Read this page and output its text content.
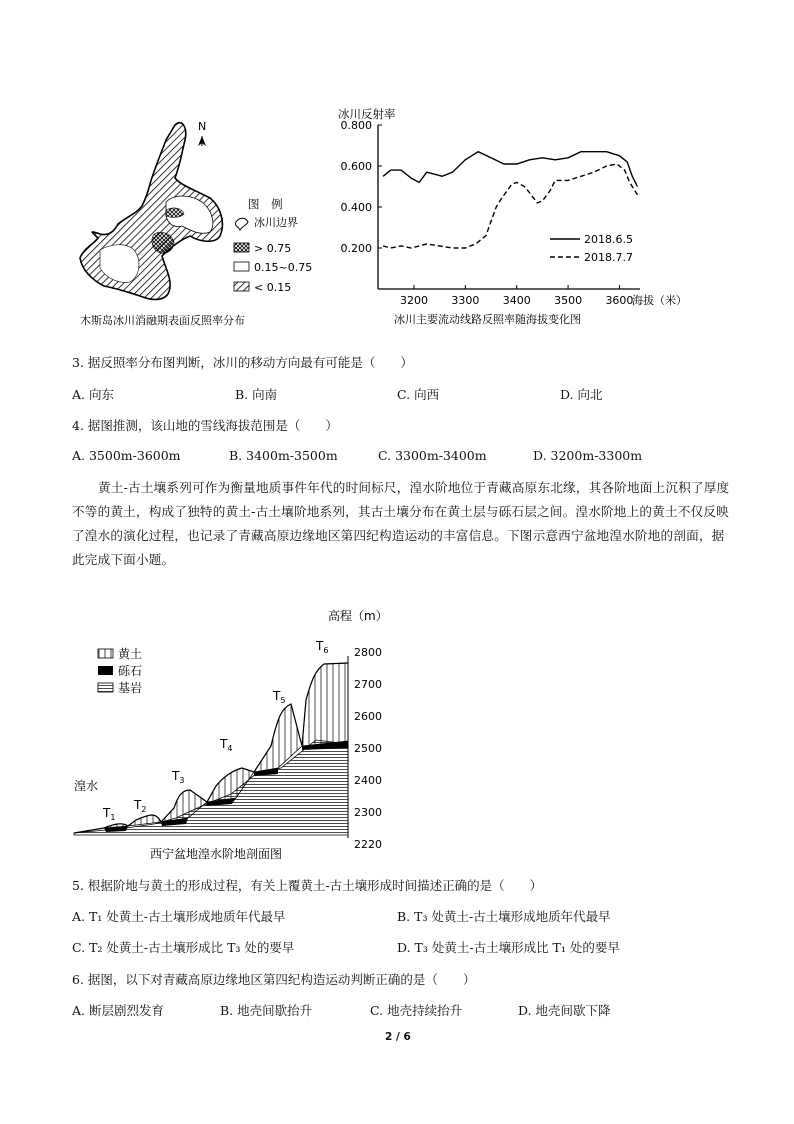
N
图 例
冰川边界
> 0.75
0.15~0.75
< 0.15
木斯岛冰川消融期表面反照率分布
冰川反射率
0.200
0.400
0.600
0.800
3200 3300 3400 3500 3600
2018.6.5
2018.7.7
海拔（米）
冰川主要流动线路反照率随海拔变化图
3. 据反照率分布图判断，冰川的移动方向最有可能是（　　）
A. 向东	B. 向南	C. 向西	D. 向北
4. 据图推测，该山地的雪线海拔范围是（　　）
A. 3500m-3600m	B. 3400m-3500m	C. 3300m-3400m	D. 3200m-3300m
黄土-古土壤系列可作为衡量地质事件年代的时间标尺，湟水阶地位于青藏高原东北缘，其各阶地面上沉积了厚度不等的黄土，构成了独特的黄土-古土壤阶地系列，其古土壤分布在黄土层与砾石层之间。湟水阶地上的黄土不仅反映了湟水的演化过程，也记录了青藏高原边缘地区第四纪构造运动的丰富信息。下图示意西宁盆地湟水阶地的剖面，据此完成下面小题。
高程（m）
2800
2700
2600
2500
2400
2300
2220
黄土
砾石
基岩
湟水
$T_1$
$T_2$
$T_3$
$T_4$
$T_5$
$T_6$
西宁盆地湟水阶地剖面图
5. 根据阶地与黄土的形成过程，有关上覆黄土-古土壤形成时间描述正确的是（　　）
A. T₁ 处黄土-古土壤形成地质年代最早	B. T₃ 处黄土-古土壤形成地质年代最早
C. T₂ 处黄土-古土壤形成比 T₃ 处的要早	D. T₃ 处黄土-古土壤形成比 T₁ 处的要早
6. 据图，以下对青藏高原边缘地区第四纪构造运动判断正确的是（　　）
A. 断层剧烈发育	B. 地壳间歇抬升	C. 地壳持续抬升	D. 地壳间歇下降
2 / 6
